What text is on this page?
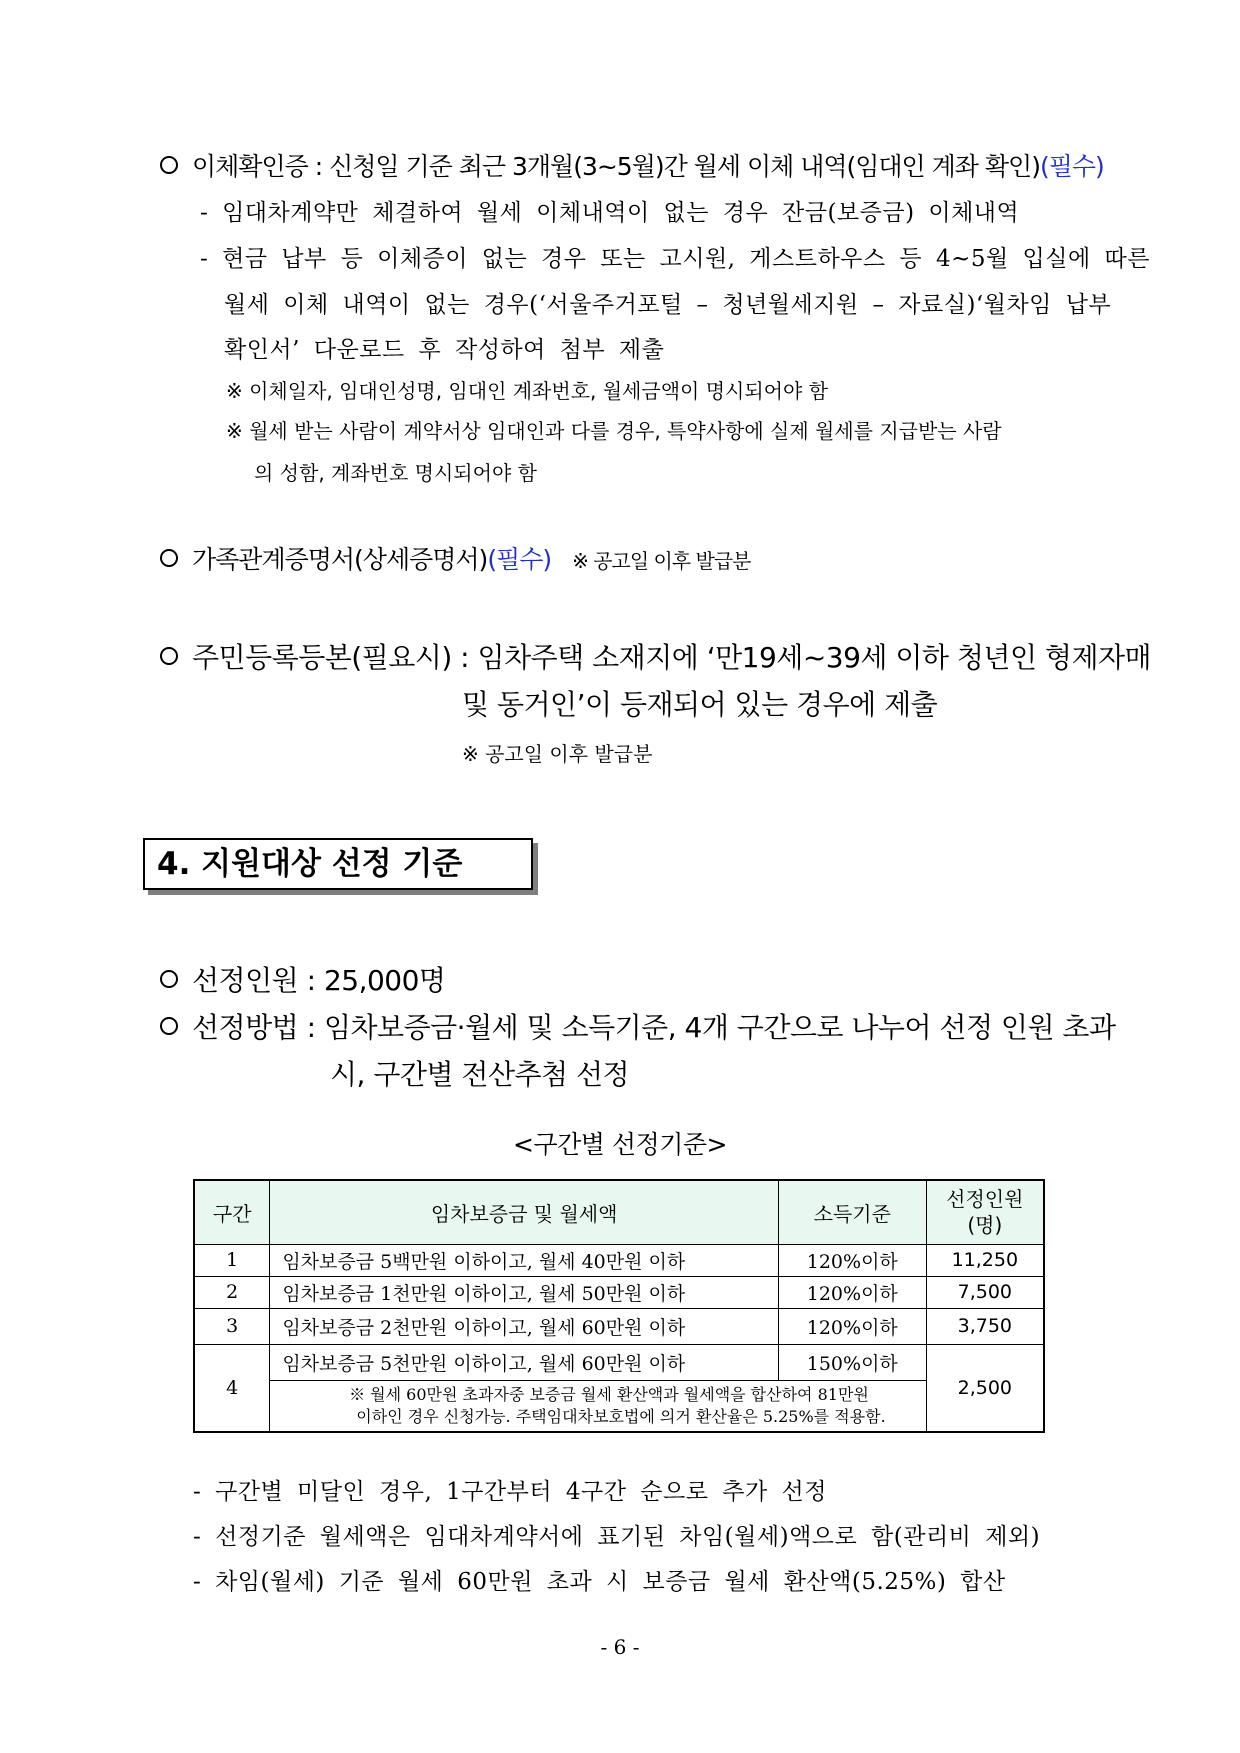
이체확인증 : 신청일 기준 최근 3개월(3~5월)간 월세 이체 내역(임대인 계좌 확인)(필수)
- 임대차계약만 체결하여 월세 이체내역이 없는 경우 잔금(보증금) 이체내역
- 현금 납부 등 이체증이 없는 경우 또는 고시원, 게스트하우스 등 4~5월 입실에 따른
월세 이체 내역이 없는 경우(‘서울주거포털 – 청년월세지원 – 자료실)‘월차임 납부
확인서’ 다운로드 후 작성하여 첨부 제출
※ 이체일자, 임대인성명, 임대인 계좌번호, 월세금액이 명시되어야 함
※ 월세 받는 사람이 계약서상 임대인과 다를 경우, 특약사항에 실제 월세를 지급받는 사람
의 성함, 계좌번호 명시되어야 함
가족관계증명서(상세증명서)(필수) ※ 공고일 이후 발급분
주민등록등본(필요시) : 임차주택 소재지에 ‘만19세~39세 이하 청년인 형제자매
및 동거인’이 등재되어 있는 경우에 제출
※ 공고일 이후 발급분
4. 지원대상 선정 기준
선정인원 : 25,000명
선정방법 : 임차보증금·월세 및 소득기준, 4개 구간으로 나누어 선정 인원 초과
시, 구간별 전산추첨 선정
<구간별 선정기준>
구간	임차보증금 및 월세액	소득기준	선정인원
(명)
1	임차보증금 5백만원 이하이고, 월세 40만원 이하	120%이하	11,250
2	임차보증금 1천만원 이하이고, 월세 50만원 이하	120%이하	7,500
3	임차보증금 2천만원 이하이고, 월세 60만원 이하	120%이하	3,750
4	임차보증금 5천만원 이하이고, 월세 60만원 이하	150%이하	2,500
	※ 월세 60만원 초과자중 보증금 월세 환산액과 월세액을 합산하여 81만원
이하인 경우 신청가능. 주택임대차보호법에 의거 환산율은 5.25%를 적용함.		
- 구간별 미달인 경우, 1구간부터 4구간 순으로 추가 선정
- 선정기준 월세액은 임대차계약서에 표기된 차임(월세)액으로 함(관리비 제외)
- 차임(월세) 기준 월세 60만원 초과 시 보증금 월세 환산액(5.25%) 합산
- 6 -
